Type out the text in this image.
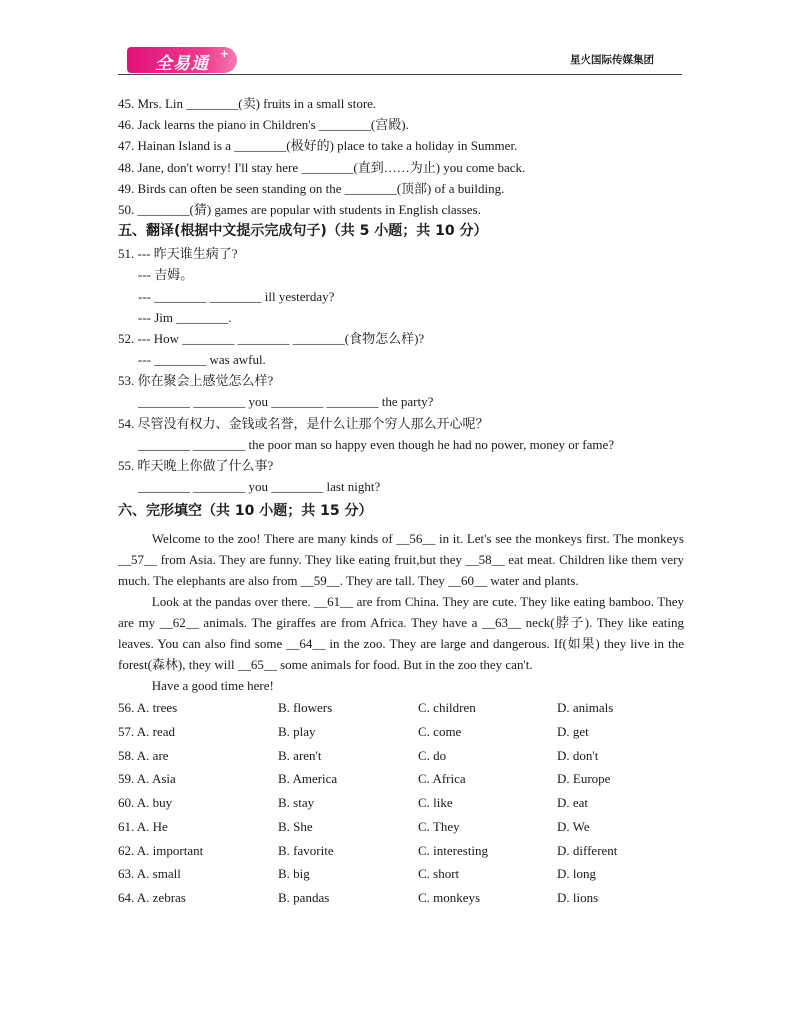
全易通
+	星火国际传媒集团
45. Mrs. Lin ________(卖) fruits in a small store.
46. Jack learns the piano in Children's ________(宫殿).
47. Hainan Island is a ________(极好的) place to take a holiday in Summer.
48. Jane, don't worry! I'll stay here ________(直到……为止) you come back.
49. Birds can often be seen standing on the ________(顶部) of a building.
50. ________(猜) games are popular with students in English classes.
五、翻译(根据中文提示完成句子)（共 5 小题；共 10 分）
51. --- 昨天谁生病了?
--- 吉姆。
--- ________ ________ ill yesterday?
--- Jim ________.
52. --- How ________ ________ ________(食物怎么样)?
--- ________ was awful.
53. 你在聚会上感觉怎么样?
________ ________ you ________ ________ the party?
54. 尽管没有权力、金钱或名誉，是什么让那个穷人那么开心呢？
________ ________ the poor man so happy even though he had no power, money or fame?
55. 昨天晚上你做了什么事?
________ ________ you ________ last night?
六、完形填空（共 10 小题；共 15 分）

Welcome to the zoo! There are many kinds of __56__ in it. Let's see the monkeys first. The monkeys __57__ from Asia. They are funny. They like eating fruit,but they __58__ eat meat. Children like them very much. The elephants are also from __59__. They are tall. They __60__ water and plants.

Look at the pandas over there. __61__ are from China. They are cute. They like eating bamboo. They are my __62__ animals. The giraffes are from Africa. They have a __63__ neck(脖子). They like eating leaves. You can also find some __64__ in the zoo. They are large and dangerous. If(如果) they live in the forest(森林), they will __65__ some animals for food. But in the zoo they can't.

Have a good time here!

56. A. trees	B. flowers	C. children	D. animals
57. A. read	B. play	C. come	D. get
58. A. are	B. aren't	C. do	D. don't
59. A. Asia	B. America	C. Africa	D. Europe
60. A. buy	B. stay	C. like	D. eat
61. A. He	B. She	C. They	D. We
62. A. important	B. favorite	C. interesting	D. different
63. A. small	B. big	C. short	D. long
64. A. zebras	B. pandas	C. monkeys	D. lions
